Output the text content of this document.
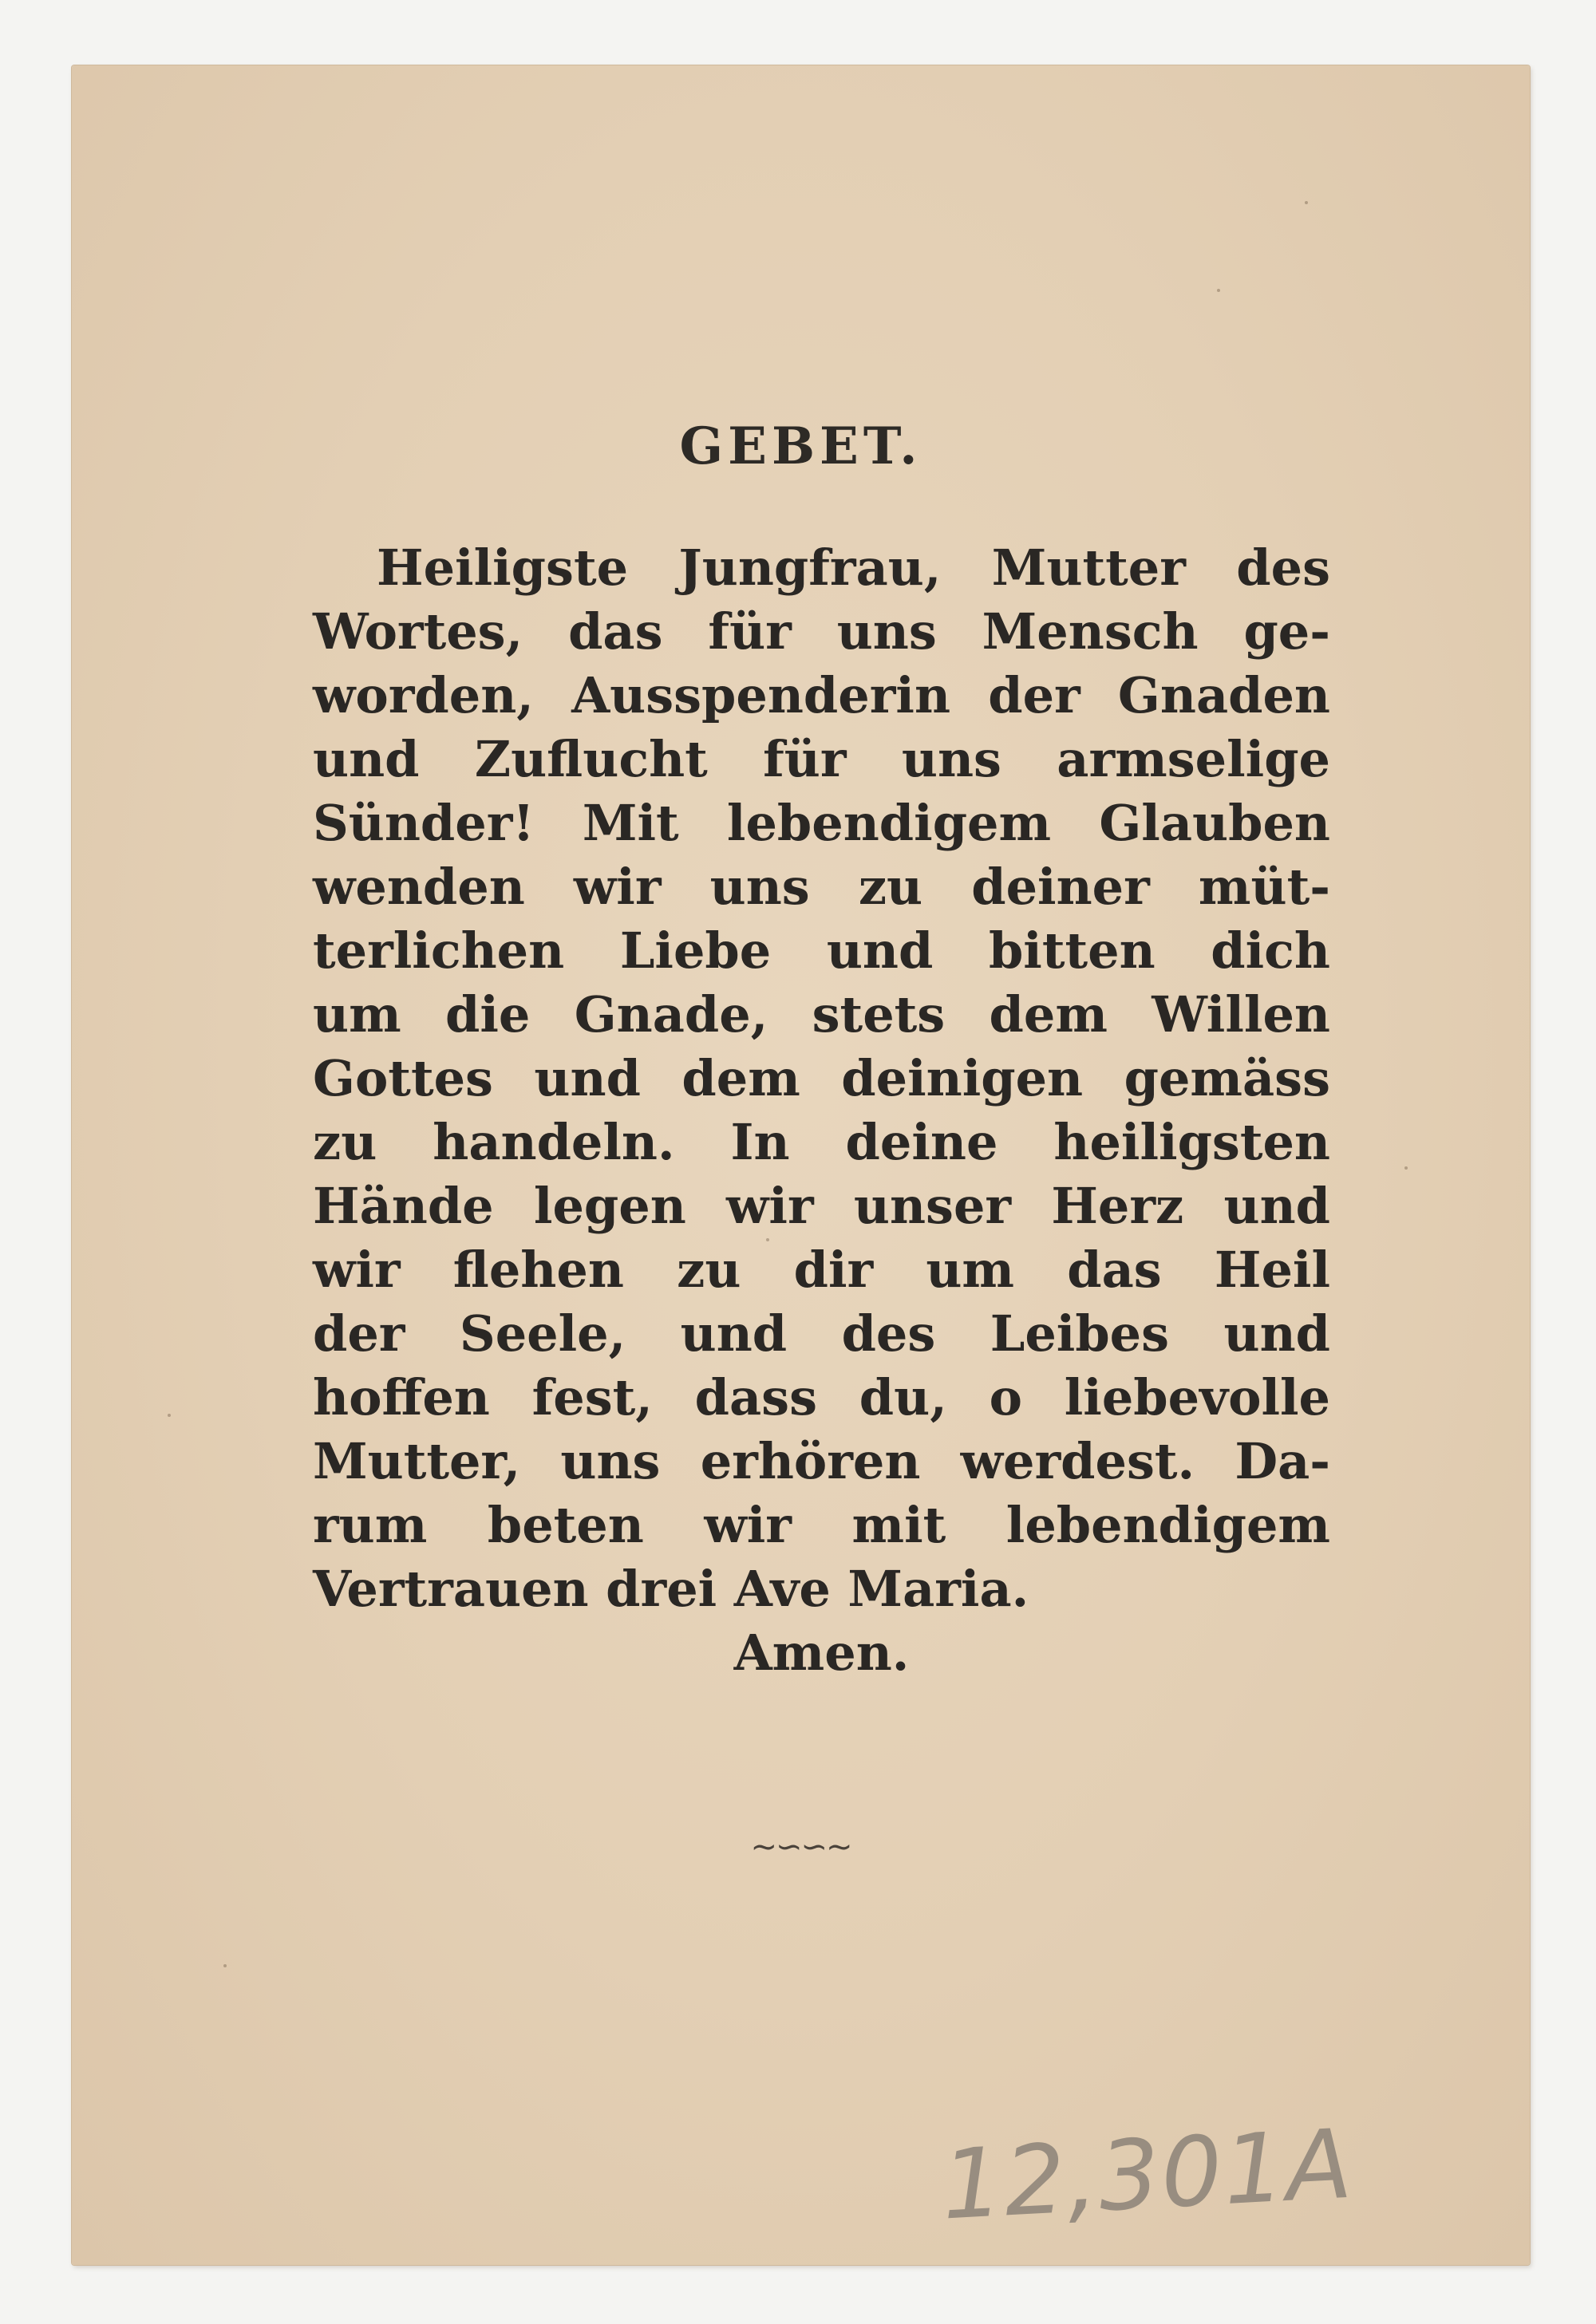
GEBET.
Heiligste Jungfrau, Mutter des
Wortes, das für uns Mensch ge-
worden, Ausspenderin der Gnaden
und Zuflucht für uns armselige
Sünder! Mit lebendigem Glauben
wenden wir uns zu deiner müt-
terlichen Liebe und bitten dich
um die Gnade, stets dem Willen
Gottes und dem deinigen gemäss
zu handeln. In deine heiligsten
Hände legen wir unser Herz und
wir flehen zu dir um das Heil
der Seele, und des Leibes und
hoffen fest, dass du, o liebevolle
Mutter, uns erhören werdest. Da-
rum beten wir mit lebendigem
Vertrauen drei Ave Maria.
Amen.
~∽∽~
12,301A
